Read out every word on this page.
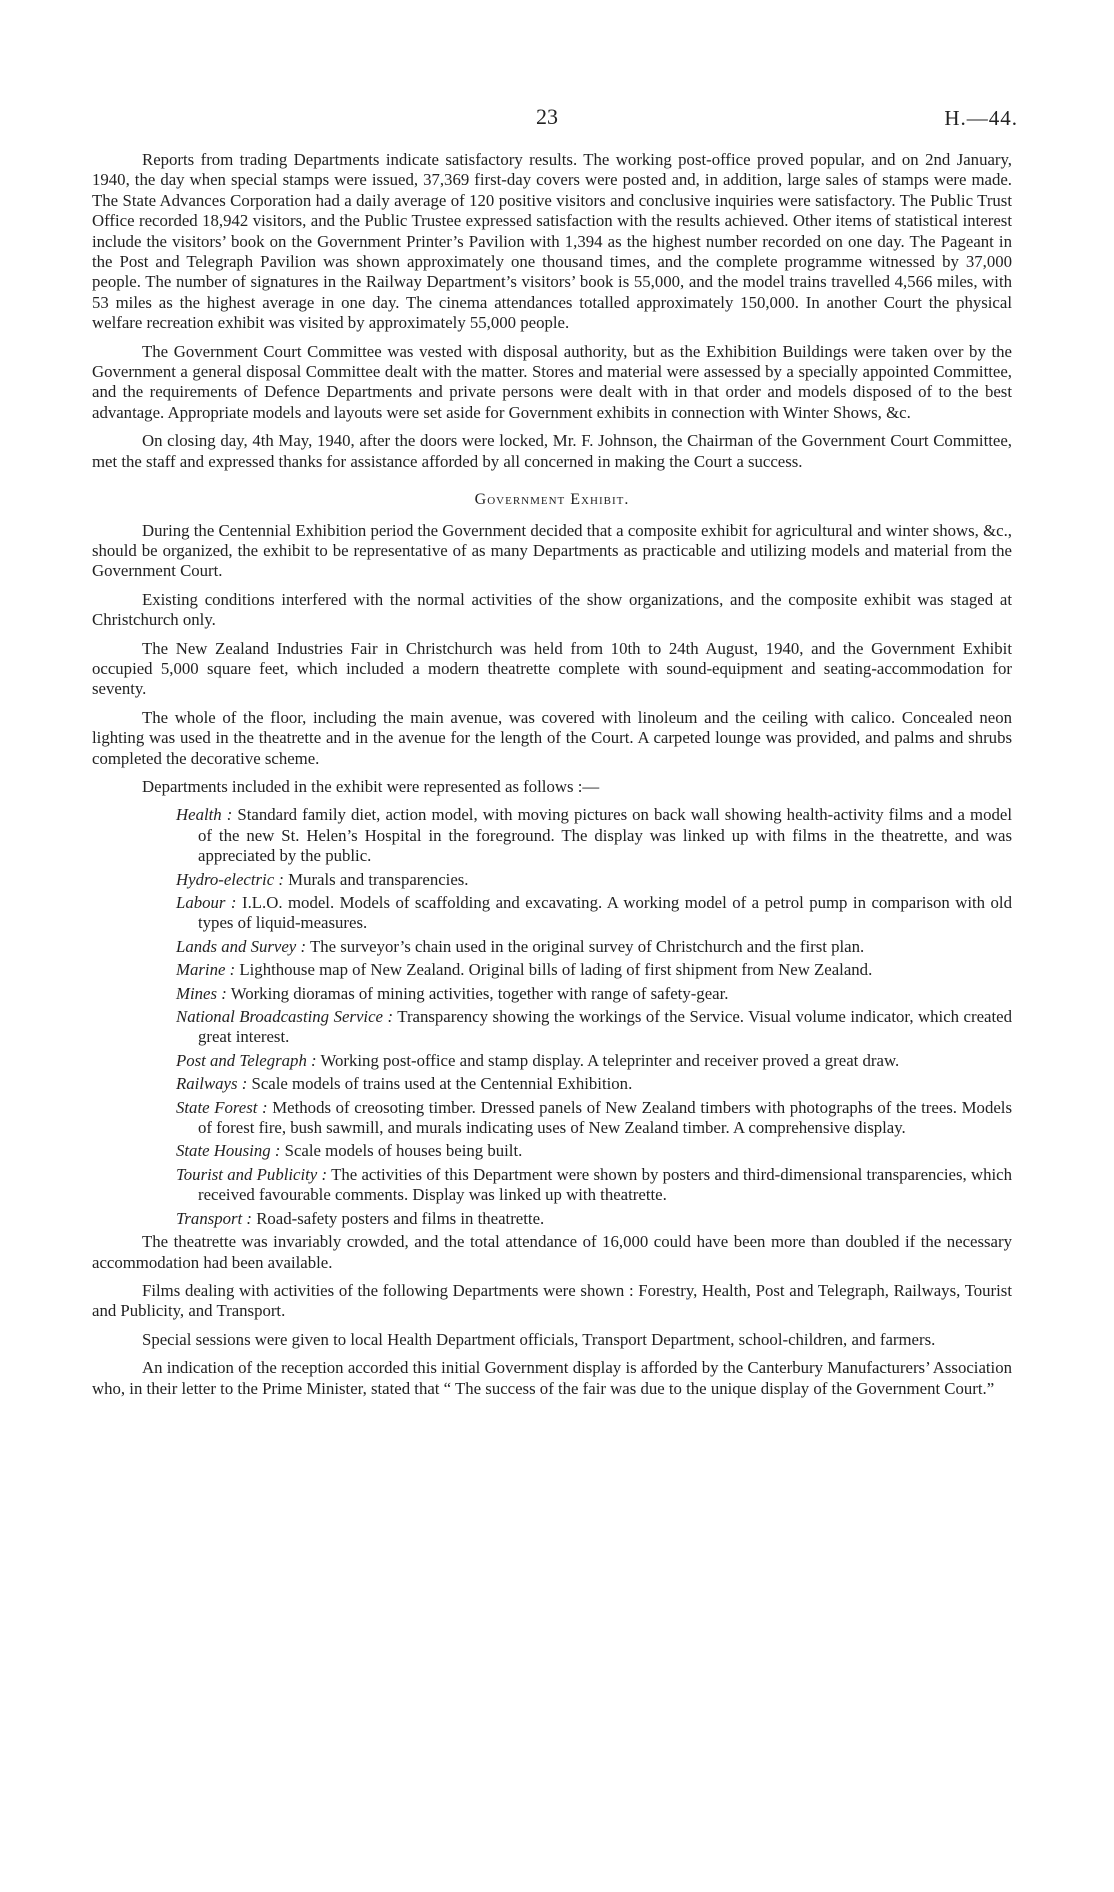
23	H.—44.

Reports from trading Departments indicate satisfactory results. The working post-office proved popular, and on 2nd January, 1940, the day when special stamps were issued, 37,369 first-day covers were posted and, in addition, large sales of stamps were made. The State Advances Corporation had a daily average of 120 positive visitors and conclusive inquiries were satisfactory. The Public Trust Office recorded 18,942 visitors, and the Public Trustee expressed satisfaction with the results achieved. Other items of statistical interest include the visitors’ book on the Government Printer’s Pavilion with 1,394 as the highest number recorded on one day. The Pageant in the Post and Telegraph Pavilion was shown approximately one thousand times, and the complete programme witnessed by 37,000 people. The number of signatures in the Railway Department’s visitors’ book is 55,000, and the model trains travelled 4,566 miles, with 53 miles as the highest average in one day. The cinema attendances totalled approximately 150,000. In another Court the physical welfare recreation exhibit was visited by approximately 55,000 people.

The Government Court Committee was vested with disposal authority, but as the Exhibition Buildings were taken over by the Government a general disposal Committee dealt with the matter. Stores and material were assessed by a specially appointed Committee, and the requirements of Defence Departments and private persons were dealt with in that order and models disposed of to the best advantage. Appropriate models and layouts were set aside for Government exhibits in connection with Winter Shows, &c.

On closing day, 4th May, 1940, after the doors were locked, Mr. F. Johnson, the Chairman of the Government Court Committee, met the staff and expressed thanks for assistance afforded by all concerned in making the Court a success.

Government Exhibit.

During the Centennial Exhibition period the Government decided that a composite exhibit for agricultural and winter shows, &c., should be organized, the exhibit to be representative of as many Departments as practicable and utilizing models and material from the Government Court.

Existing conditions interfered with the normal activities of the show organizations, and the composite exhibit was staged at Christchurch only.

The New Zealand Industries Fair in Christchurch was held from 10th to 24th August, 1940, and the Government Exhibit occupied 5,000 square feet, which included a modern theatrette complete with sound-equipment and seating-accommodation for seventy.

The whole of the floor, including the main avenue, was covered with linoleum and the ceiling with calico. Concealed neon lighting was used in the theatrette and in the avenue for the length of the Court. A carpeted lounge was provided, and palms and shrubs completed the decorative scheme.

Departments included in the exhibit were represented as follows :—

Health : Standard family diet, action model, with moving pictures on back wall showing health-activity films and a model of the new St. Helen’s Hospital in the foreground. The display was linked up with films in the theatrette, and was appreciated by the public.
Hydro-electric : Murals and transparencies.
Labour : I.L.O. model. Models of scaffolding and excavating. A working model of a petrol pump in comparison with old types of liquid-measures.
Lands and Survey : The surveyor’s chain used in the original survey of Christchurch and the first plan.
Marine : Lighthouse map of New Zealand. Original bills of lading of first shipment from New Zealand.
Mines : Working dioramas of mining activities, together with range of safety-gear.
National Broadcasting Service : Transparency showing the workings of the Service. Visual volume indicator, which created great interest.
Post and Telegraph : Working post-office and stamp display. A teleprinter and receiver proved a great draw.
Railways : Scale models of trains used at the Centennial Exhibition.
State Forest : Methods of creosoting timber. Dressed panels of New Zealand timbers with photographs of the trees. Models of forest fire, bush sawmill, and murals indicating uses of New Zealand timber. A comprehensive display.
State Housing : Scale models of houses being built.
Tourist and Publicity : The activities of this Department were shown by posters and third-dimensional transparencies, which received favourable comments. Display was linked up with theatrette.
Transport : Road-safety posters and films in theatrette.

The theatrette was invariably crowded, and the total attendance of 16,000 could have been more than doubled if the necessary accommodation had been available.

Films dealing with activities of the following Departments were shown : Forestry, Health, Post and Telegraph, Railways, Tourist and Publicity, and Transport.

Special sessions were given to local Health Department officials, Transport Department, school-children, and farmers.

An indication of the reception accorded this initial Government display is afforded by the Canterbury Manufacturers’ Association who, in their letter to the Prime Minister, stated that “ The success of the fair was due to the unique display of the Government Court.”
